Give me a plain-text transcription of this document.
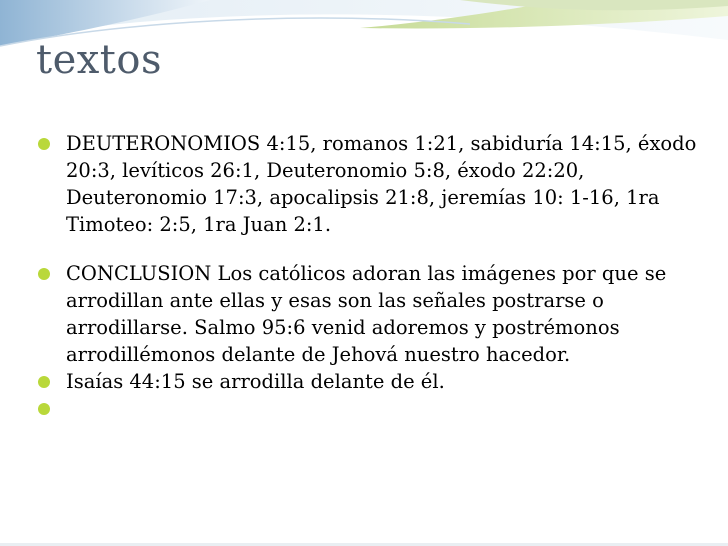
textos
DEUTERONOMIOS 4:15, romanos 1:21, sabiduría 14:15, éxodo 20:3, levíticos 26:1, Deuteronomio 5:8, éxodo 22:20, Deuteronomio 17:3, apocalipsis 21:8, jeremías 10: 1-16, 1ra Timoteo: 2:5, 1ra Juan 2:1.
CONCLUSION Los católicos adoran las imágenes por que se arrodillan ante ellas y esas son las señales postrarse o arrodillarse. Salmo 95:6 venid adoremos y postrémonos arrodillémonos delante de Jehová nuestro hacedor.
Isaías 44:15 se arrodilla delante de él.
